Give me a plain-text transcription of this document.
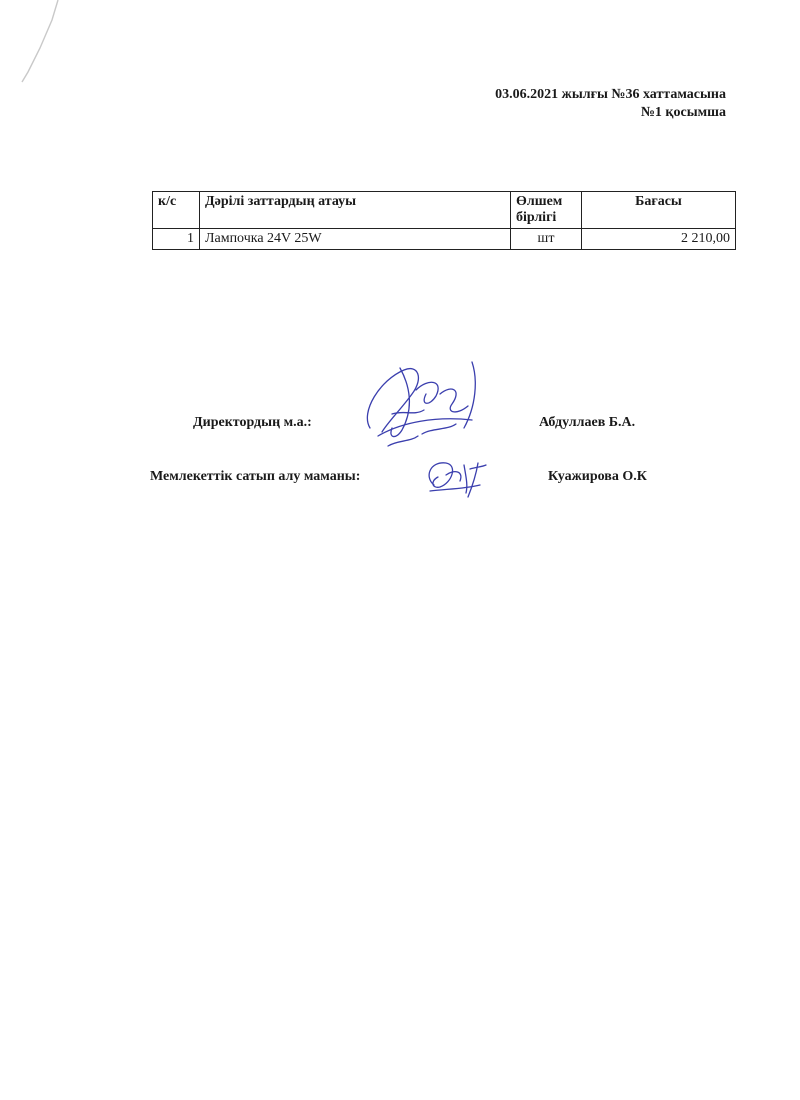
03.06.2021 жылғы №36 хаттамасына
№1 қосымша
к/с	Дәрілі заттардың атауы	Өлшем бірлігі	Бағасы
1	Лампочка 24V 25W	шт	2 210,00
Директордың м.а.:	Абдуллаев Б.А.
Мемлекеттік сатып алу маманы:	Куажирова О.К
